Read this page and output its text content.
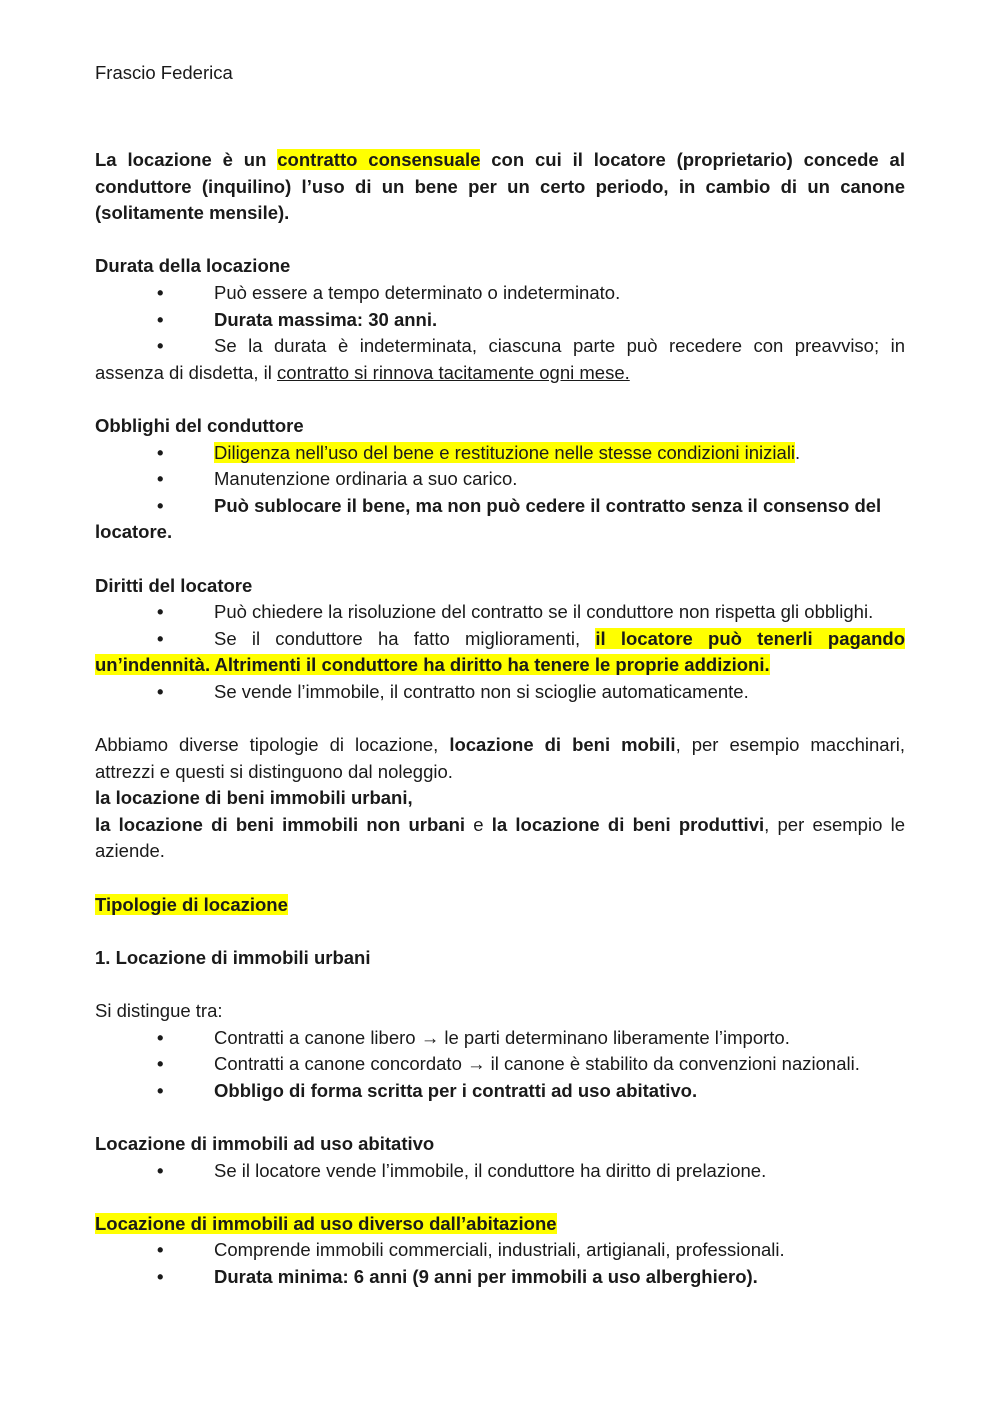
Frascio Federica

La locazione è un contratto consensuale con cui il locatore (proprietario) concede al conduttore (inquilino) l’uso di un bene per un certo periodo, in cambio di un canone (solitamente mensile).

Durata della locazione

•	Può essere a tempo determinato o indeterminato.

•	Durata massima: 30 anni.

•	Se la durata è indeterminata, ciascuna parte può recedere con preavviso; in assenza di disdetta, il contratto si rinnova tacitamente ogni mese.

Obblighi del conduttore

•	Diligenza nell’uso del bene e restituzione nelle stesse condizioni iniziali.

•	Manutenzione ordinaria a suo carico.

•	Può sublocare il bene, ma non può cedere il contratto senza il consenso del locatore.

Diritti del locatore

•	Può chiedere la risoluzione del contratto se il conduttore non rispetta gli obblighi.

•	Se il conduttore ha fatto miglioramenti, il locatore può tenerli pagando un’indennità. Altrimenti il conduttore ha diritto ha tenere le proprie addizioni.

•	Se vende l’immobile, il contratto non si scioglie automaticamente.

Abbiamo diverse tipologie di locazione, locazione di beni mobili, per esempio macchinari, attrezzi e questi si distinguono dal noleggio.

la locazione di beni immobili urbani,

la locazione di beni immobili non urbani e la locazione di beni produttivi, per esempio le aziende.

Tipologie di locazione

1. Locazione di immobili urbani

Si distingue tra:

•	Contratti a canone libero → le parti determinano liberamente l’importo.

•	Contratti a canone concordato → il canone è stabilito da convenzioni nazionali.

•	Obbligo di forma scritta per i contratti ad uso abitativo.

Locazione di immobili ad uso abitativo

•	Se il locatore vende l’immobile, il conduttore ha diritto di prelazione.

Locazione di immobili ad uso diverso dall’abitazione

•	Comprende immobili commerciali, industriali, artigianali, professionali.

•	Durata minima: 6 anni (9 anni per immobili a uso alberghiero).
